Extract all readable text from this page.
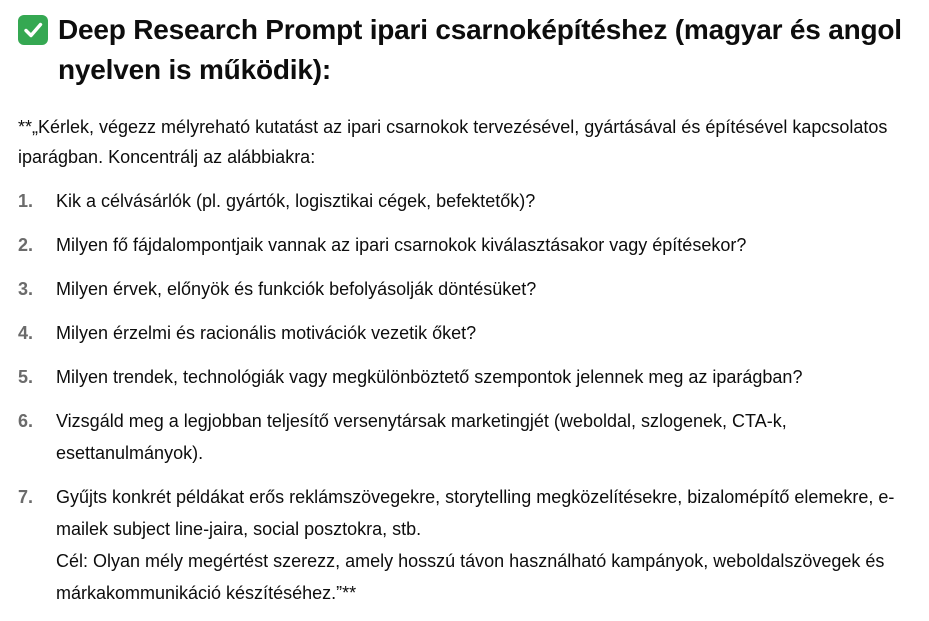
Deep Research Prompt ipari csarnoképítéshez (magyar és angol nyelven is működik):

**„Kérlek, végezz mélyreható kutatást az ipari csarnokok tervezésével, gyártásával és építésével kapcsolatos iparágban. Koncentrálj az alábbiakra:

1.	Kik a célvásárlók (pl. gyártók, logisztikai cégek, befektetők)?
2.	Milyen fő fájdalompontjaik vannak az ipari csarnokok kiválasztásakor vagy építésekor?
3.	Milyen érvek, előnyök és funkciók befolyásolják döntésüket?
4.	Milyen érzelmi és racionális motivációk vezetik őket?
5.	Milyen trendek, technológiák vagy megkülönböztető szempontok jelennek meg az iparágban?
6.	Vizsgáld meg a legjobban teljesítő versenytársak marketingjét (weboldal, szlogenek, CTA-k, esettanulmányok).
7.	Gyűjts konkrét példákat erős reklámszövegekre, storytelling megközelítésekre, bizalomépítő elemekre, e-mailek subject line-jaira, social posztokra, stb.
Cél: Olyan mély megértést szerezz, amely hosszú távon használható kampányok, weboldalszövegek és márkakommunikáció készítéséhez.”**
